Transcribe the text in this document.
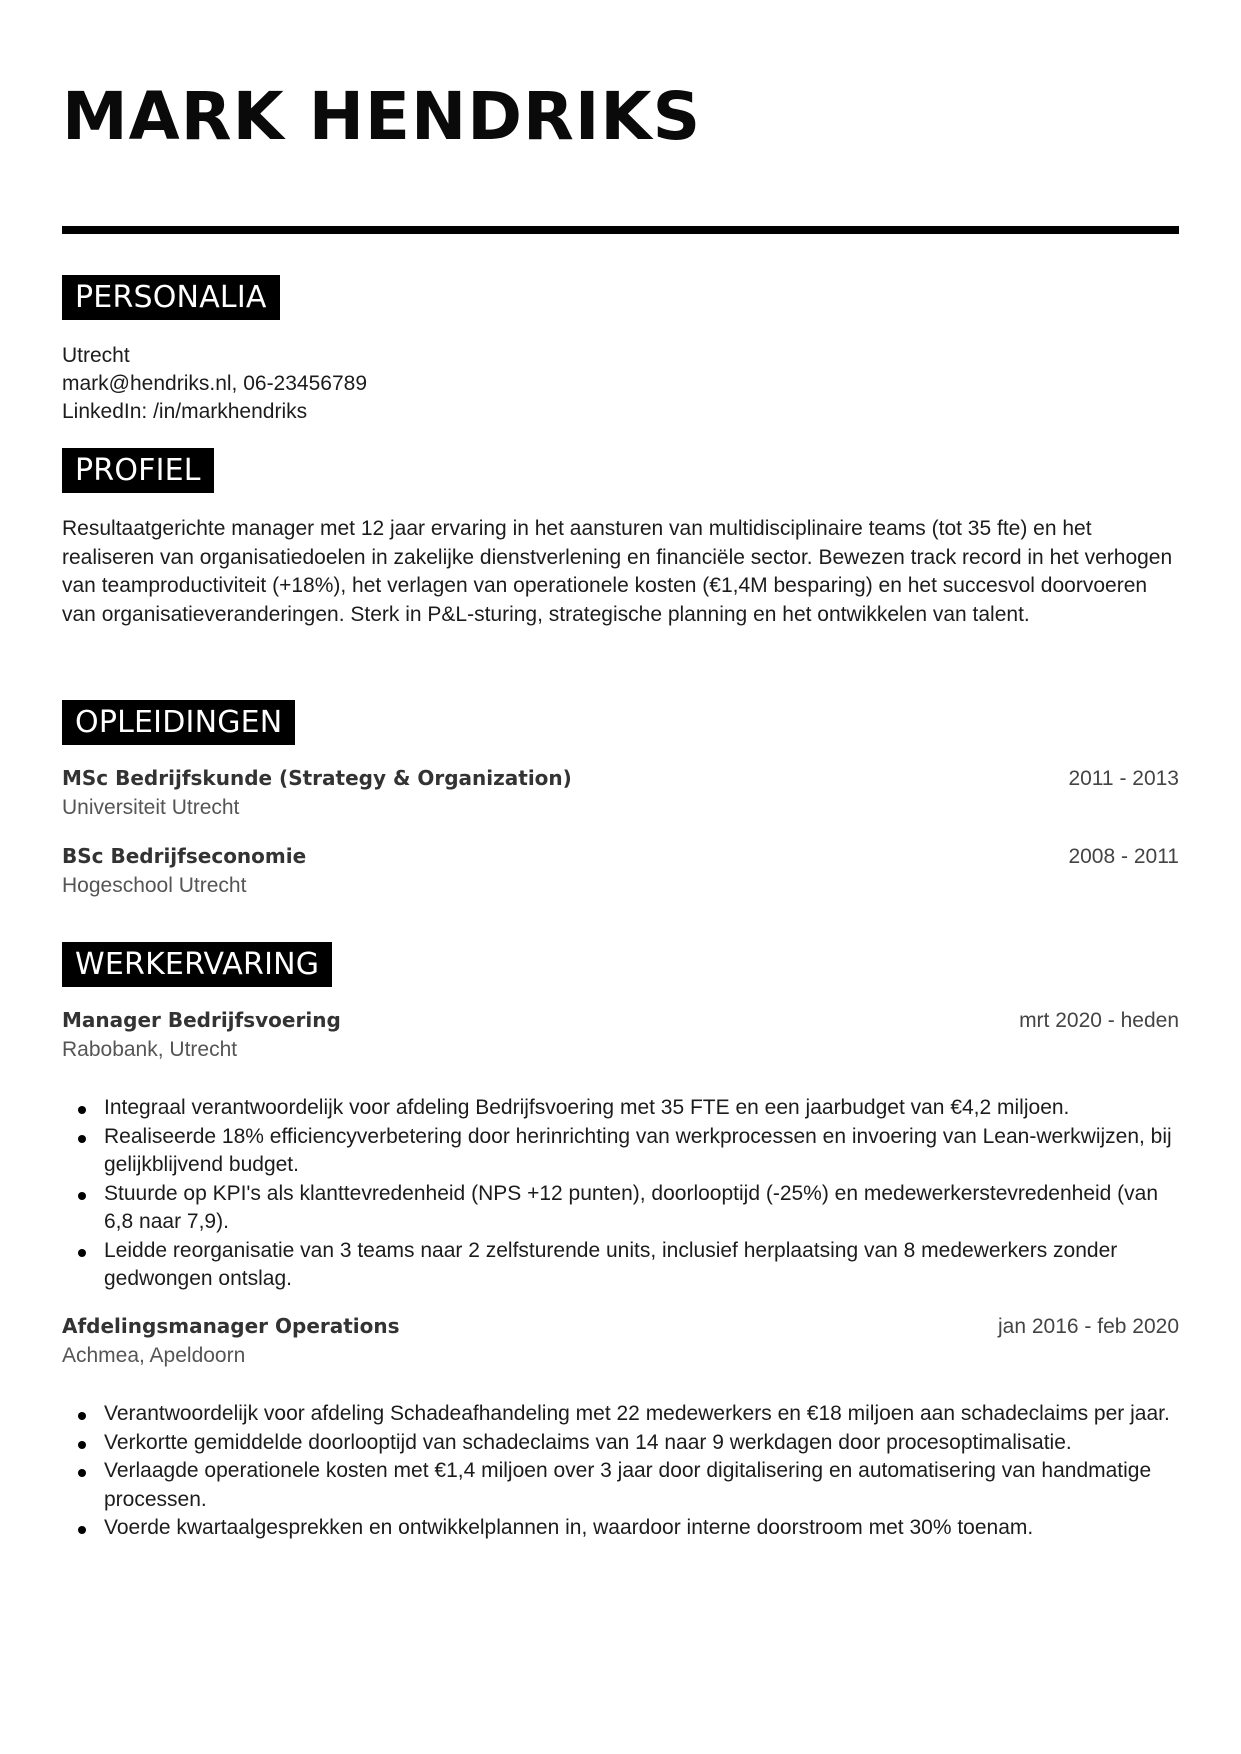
MARK HENDRIKS
PERSONALIA
Utrecht
mark@hendriks.nl, 06-23456789
LinkedIn: /in/markhendriks
PROFIEL

Resultaatgerichte manager met 12 jaar ervaring in het aansturen van multidisciplinaire teams (tot 35 fte) en het realiseren van organisatiedoelen in zakelijke dienstverlening en financiële sector. Bewezen track record in het verhogen van teamproductiviteit (+18%), het verlagen van operationele kosten (€1,4M besparing) en het succesvol doorvoeren van organisatieveranderingen. Sterk in P&L-sturing, strategische planning en het ontwikkelen van talent.

OPLEIDINGEN
MSc Bedrijfskunde (Strategy & Organization)	2011 - 2013
Universiteit Utrecht
BSc Bedrijfseconomie	2008 - 2011
Hogeschool Utrecht
WERKERVARING
Manager Bedrijfsvoering	mrt 2020 - heden
Rabobank, Utrecht
Integraal verantwoordelijk voor afdeling Bedrijfsvoering met 35 FTE en een jaarbudget van €4,2 miljoen.
Realiseerde 18% efficiencyverbetering door herinrichting van werkprocessen en invoering van Lean-werkwijzen, bij gelijkblijvend budget.
Stuurde op KPI's als klanttevredenheid (NPS +12 punten), doorlooptijd (-25%) en medewerkerstevredenheid (van 6,8 naar 7,9).
Leidde reorganisatie van 3 teams naar 2 zelfsturende units, inclusief herplaatsing van 8 medewerkers zonder gedwongen ontslag.
Afdelingsmanager Operations	jan 2016 - feb 2020
Achmea, Apeldoorn
Verantwoordelijk voor afdeling Schadeafhandeling met 22 medewerkers en €18 miljoen aan schadeclaims per jaar.
Verkortte gemiddelde doorlooptijd van schadeclaims van 14 naar 9 werkdagen door procesoptimalisatie.
Verlaagde operationele kosten met €1,4 miljoen over 3 jaar door digitalisering en automatisering van handmatige processen.
Voerde kwartaalgesprekken en ontwikkelplannen in, waardoor interne doorstroom met 30% toenam.
